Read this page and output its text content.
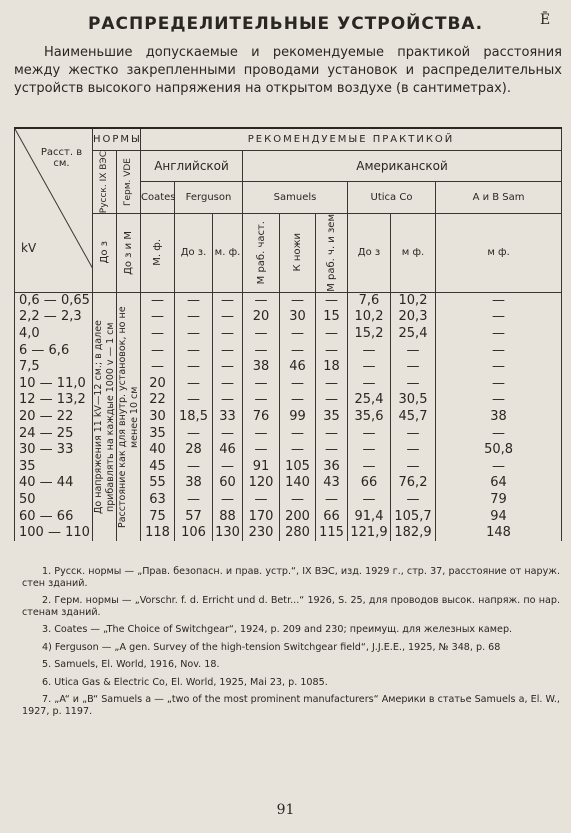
РАСПРЕДЕЛИТЕЛЬНЫЕ УСТРОЙСТВА.	Ē
Наименьшие допускаемые и рекомендуемые практикой расстояния между жестко закрепленными проводами установок и распределительных устройств высокого напряжения на открытом воздухе (в сантиметрах).
Расст. в см.
kV	НОРМЫ		РЕКОМЕНДУЕМЫЕ ПРАКТИКОЙ								

	Русск. IX ВЭС	Герм. VDE	Английской			Американской					
			Coates	Ferguson		Samuels			Utica Co		A и B Sam

	До з	До з и М	М. ф.	До з.	м. ф.	М раб. част.	К ножи	М раб. ч. и зем	До з	м ф.	м ф.
0,6 — 0,65	До напряжения 11 kV—12 см.; в далее прибавлять на каждые 1000 v — 1 см	Расстояние как для внутр. установок, но не менее 10 см	—	—	—	—	—	—	7,6	10,2	—
2,2 — 2,3			—	—	—	20	30	15	10,2	20,3	—
4,0			—	—	—	—	—	—	15,2	25,4	—
6 — 6,6			—	—	—	—	—	—	—	—	—
7,5			—	—	—	38	46	18	—	—	—
10 — 11,0			20	—	—	—	—	—	—	—	—
12 — 13,2			22	—	—	—	—	—	25,4	30,5	—
20 — 22			30	18,5	33	76	99	35	35,6	45,7	38
24 — 25			35	—	—	—	—	—	—	—	—
30 — 33			40	28	46	—	—	—	—	—	50,8
35			45	—	—	91	105	36	—	—	—
40 — 44			55	38	60	120	140	43	66	76,2	64
50			63	—	—	—	—	—	—	—	79
60 — 66			75	57	88	170	200	66	91,4	105,7	94
100 — 110			118	106	130	230	280	115	121,9	182,9	148
1. Русск. нормы — „Прав. безопасн. и прав. устр.“, IX ВЭС, изд. 1929 г., стр. 37, расстояние от наруж. стен зданий.
2. Герм. нормы — „Vorschr. f. d. Erricht und d. Betr...“ 1926, S. 25, для проводов высок. напряж. по нар. стенам зданий.
3. Coates — „The Choice of Switchgear“, 1924, p. 209 and 230; преимущ. для железных камер.
4) Ferguson — „A gen. Survey of the high-tension Switchgear field“, J.J.E.E., 1925, № 348, p. 68
5. Samuels, El. World, 1916, Nov. 18.
6. Utica Gas & Electric Co, El. World, 1925, Mai 23, p. 1085.
7. „A“ и „B“ Samuels a — „two of the most prominent manufacturers“ Америки в статье Samuels a, El. W., 1927, p. 1197.
91
